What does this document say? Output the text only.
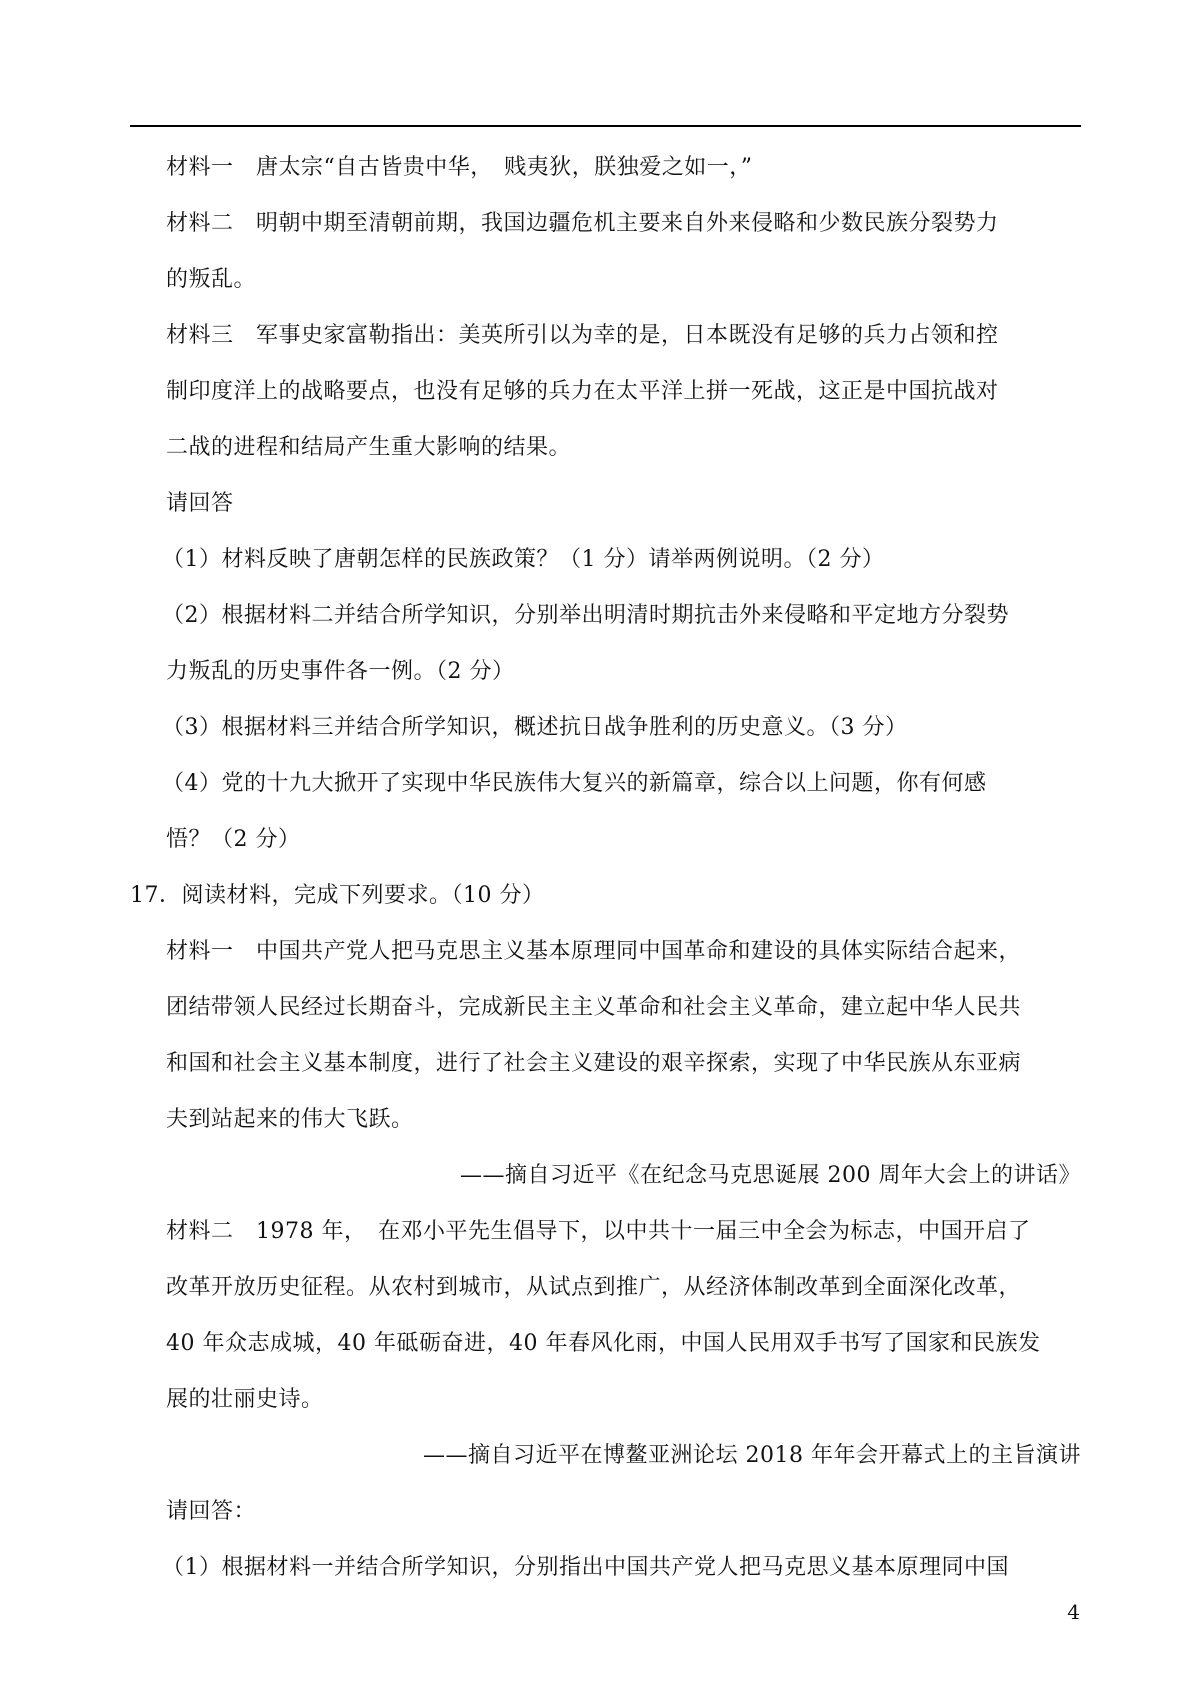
材料一　唐太宗“自古皆贵中华，　贱夷狄，朕独爱之如一，”
材料二　明朝中期至清朝前期，我国边疆危机主要来自外来侵略和少数民族分裂势力
的叛乱。
材料三　军事史家富勒指出：美英所引以为幸的是，日本既没有足够的兵力占领和控
制印度洋上的战略要点，也没有足够的兵力在太平洋上拼一死战，这正是中国抗战对
二战的进程和结局产生重大影响的结果。
请回答
（1）材料反映了唐朝怎样的民族政策？（1 分）请举两例说明。（2 分）
（2）根据材料二并结合所学知识，分别举出明清时期抗击外来侵略和平定地方分裂势
力叛乱的历史事件各一例。（2 分）
（3）根据材料三并结合所学知识，概述抗日战争胜利的历史意义。（3 分）
（4）党的十九大掀开了实现中华民族伟大复兴的新篇章，综合以上问题，你有何感
悟？（2 分）
17．阅读材料，完成下列要求。（10 分）
材料一　中国共产党人把马克思主义基本原理同中国革命和建设的具体实际结合起来，
团结带领人民经过长期奋斗，完成新民主主义革命和社会主义革命，建立起中华人民共
和国和社会主义基本制度，进行了社会主义建设的艰辛探索，实现了中华民族从东亚病
夫到站起来的伟大飞跃。
——摘自习近平《在纪念马克思诞展 200 周年大会上的讲话》
材料二　1978 年，　在邓小平先生倡导下，以中共十一届三中全会为标志，中国开启了
改革开放历史征程。从农村到城市，从试点到推广，从经济体制改革到全面深化改革，
40 年众志成城，40 年砥砺奋进，40 年春风化雨，中国人民用双手书写了国家和民族发
展的壮丽史诗。
——摘自习近平在博鳌亚洲论坛 2018 年年会开幕式上的主旨演讲
请回答：
（1）根据材料一并结合所学知识，分别指出中国共产党人把马克思义基本原理同中国
4
